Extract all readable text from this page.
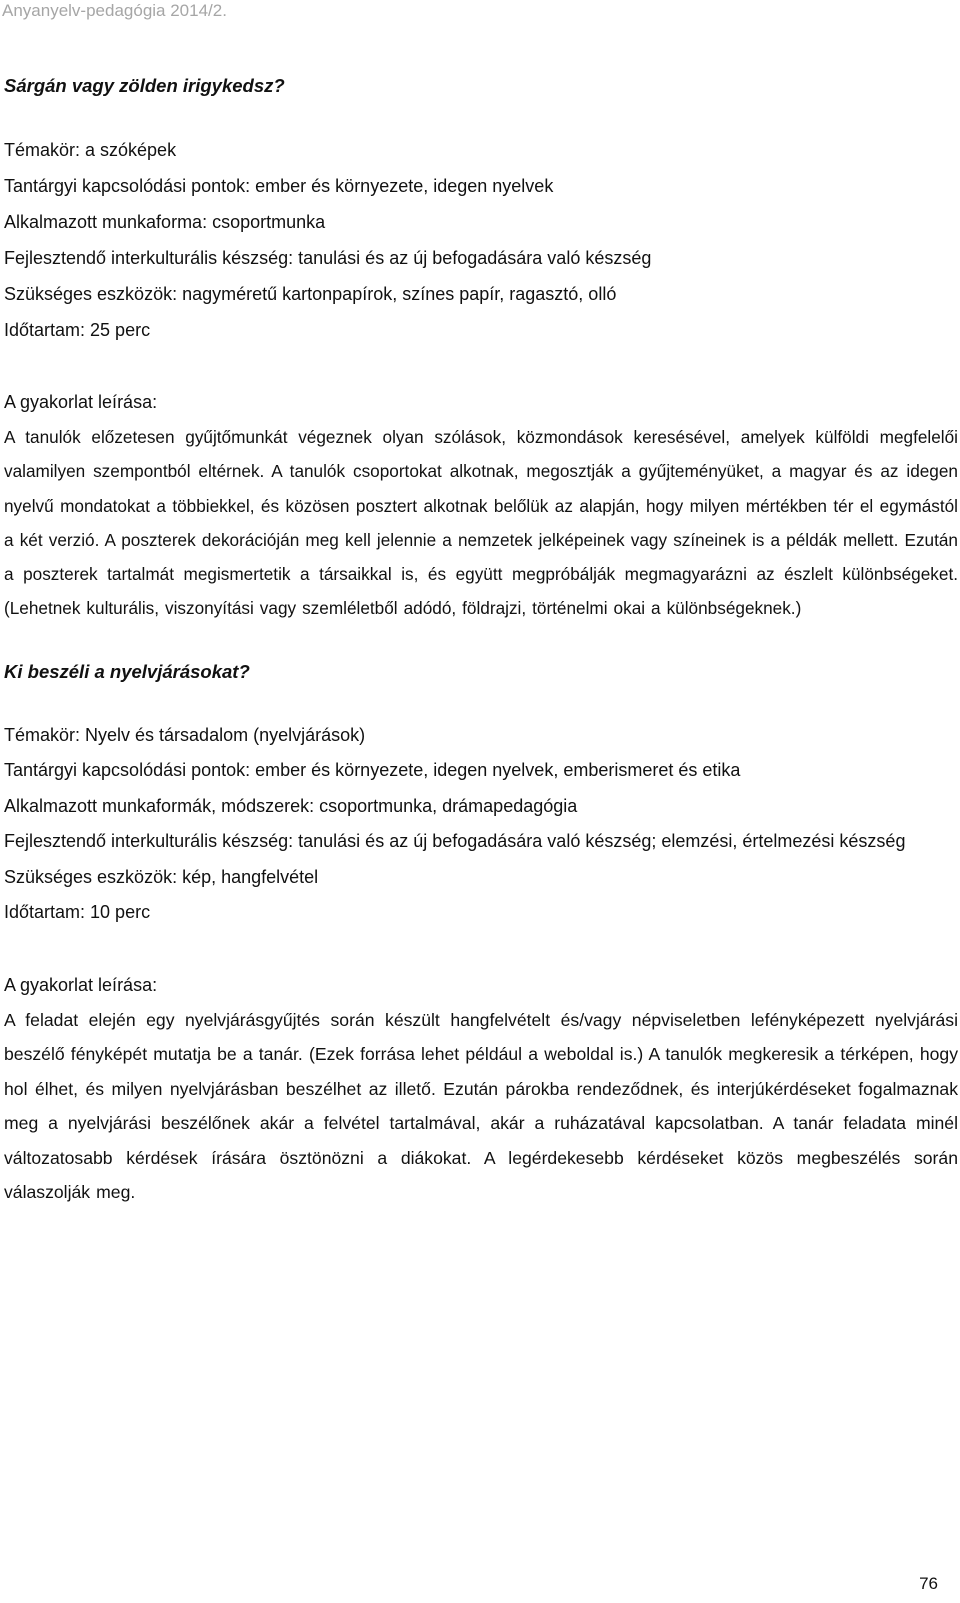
Anyanyelv-pedagógia 2014/2.
Sárgán vagy zölden irigykedsz?

Témakör: a szóképek

Tantárgyi kapcsolódási pontok: ember és környezete, idegen nyelvek

Alkalmazott munkaforma: csoportmunka

Fejlesztendő interkulturális készség: tanulási és az új befogadására való készség

Szükséges eszközök: nagyméretű kartonpapírok, színes papír, ragasztó, olló

Időtartam: 25 perc

A gyakorlat leírása:

A tanulók előzetesen gyűjtőmunkát végeznek olyan szólások, közmondások keresésével, amelyek külföldi megfelelői valamilyen szempontból eltérnek. A tanulók csoportokat alkotnak, megosztják a gyűjteményüket, a magyar és az idegen nyelvű mondatokat a többiekkel, és közösen posztert alkotnak belőlük az alapján, hogy milyen mértékben tér el egymástól a két verzió. A poszterek dekorációján meg kell jelennie a nemzetek jelképeinek vagy színeinek is a példák mellett. Ezután a poszterek tartalmát megismertetik a társaikkal is, és együtt megpróbálják megmagyarázni az észlelt különbségeket. (Lehetnek kulturális, viszonyítási vagy szemléletből adódó, földrajzi, történelmi okai a különbségeknek.)

Ki beszéli a nyelvjárásokat?

Témakör: Nyelv és társadalom (nyelvjárások)

Tantárgyi kapcsolódási pontok: ember és környezete, idegen nyelvek, emberismeret és etika

Alkalmazott munkaformák, módszerek: csoportmunka, drámapedagógia

Fejlesztendő interkulturális készség: tanulási és az új befogadására való készség; elemzési, értelmezési készség

Szükséges eszközök: kép, hangfelvétel

Időtartam: 10 perc

A gyakorlat leírása:

A feladat elején egy nyelvjárásgyűjtés során készült hangfelvételt és/vagy népviseletben lefényképezett nyelvjárási beszélő fényképét mutatja be a tanár. (Ezek forrása lehet például a weboldal is.) A tanulók megkeresik a térképen, hogy hol élhet, és milyen nyelvjárásban beszélhet az illető. Ezután párokba rendeződnek, és interjúkérdéseket fogalmaznak meg a nyelvjárási beszélőnek akár a felvétel tartalmával, akár a ruházatával kapcsolatban. A tanár feladata minél változatosabb kérdések írására ösztönözni a diákokat. A legérdekesebb kérdéseket közös megbeszélés során válaszolják meg.

76
